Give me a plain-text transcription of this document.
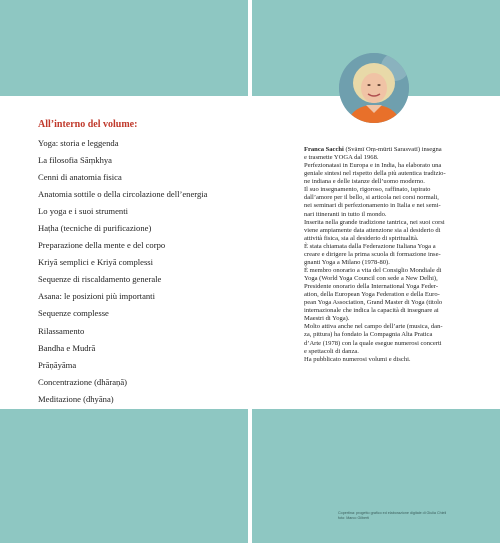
All’interno del volume:
Yoga: storia e leggenda
La filosofia Sāṃkhya
Cenni di anatomia fisica
Anatomia sottile o della circolazione dell’energia
Lo yoga e i suoi strumenti
Haṭha (tecniche di purificazione)
Preparazione della mente e del corpo
Kriyā semplici e Kriyā complessi
Sequenze di riscaldamento generale
Asana: le posizioni più importanti
Sequenze complesse
Rilassamento
Bandha e Mudrā
Prāṇāyāma
Concentrazione (dhāraṇā)
Meditazione (dhyāna)

Franca Sacchi (Svāmī Oṃ-mūrti Sarasvatī) insegna

e trasmette YOGA dal 1968.

Perfezionatasi in Europa e in India, ha elaborato una

geniale sintesi nel rispetto della più autentica tradizio-

ne indiana e delle istanze dell’uomo moderno.

Il suo insegnamento, rigoroso, raffinato, ispirato

dall’amore per il bello, si articola nei corsi normali,

nei seminari di perfezionamento in Italia e nei semi-

nari itineranti in tutto il mondo.

Inserita nella grande tradizione tantrica, nei suoi corsi

viene ampiamente data attenzione sia al desiderio di

attività fisica, sia al desiderio di spiritualità.

È stata chiamata dalla Federazione Italiana Yoga a

creare e dirigere la prima scuola di formazione inse-

gnanti Yoga a Milano (1978-80).

È membro onorario a vita del Consiglio Mondiale di

Yoga (World Yoga Council con sede a New Delhi),

Presidente onorario della International Yoga Feder-

ation, della European Yoga Federation e della Euro-

pean Yoga Association, Grand Master di Yoga (titolo

internazionale che indica la capacità di insegnare ai

Maestri di Yoga).

Molto attiva anche nel campo dell’arte (musica, dan-

za, pittura) ha fondato la Compagnia Alta Pratica

d’Arte (1978) con la quale esegue numerosi concerti

e spettacoli di danza.

Ha pubblicato numerosi volumi e dischi.

Copertina: progetto grafico ed elaborazione digitale di Giulia Chieli
foto: Marco Gilberti
